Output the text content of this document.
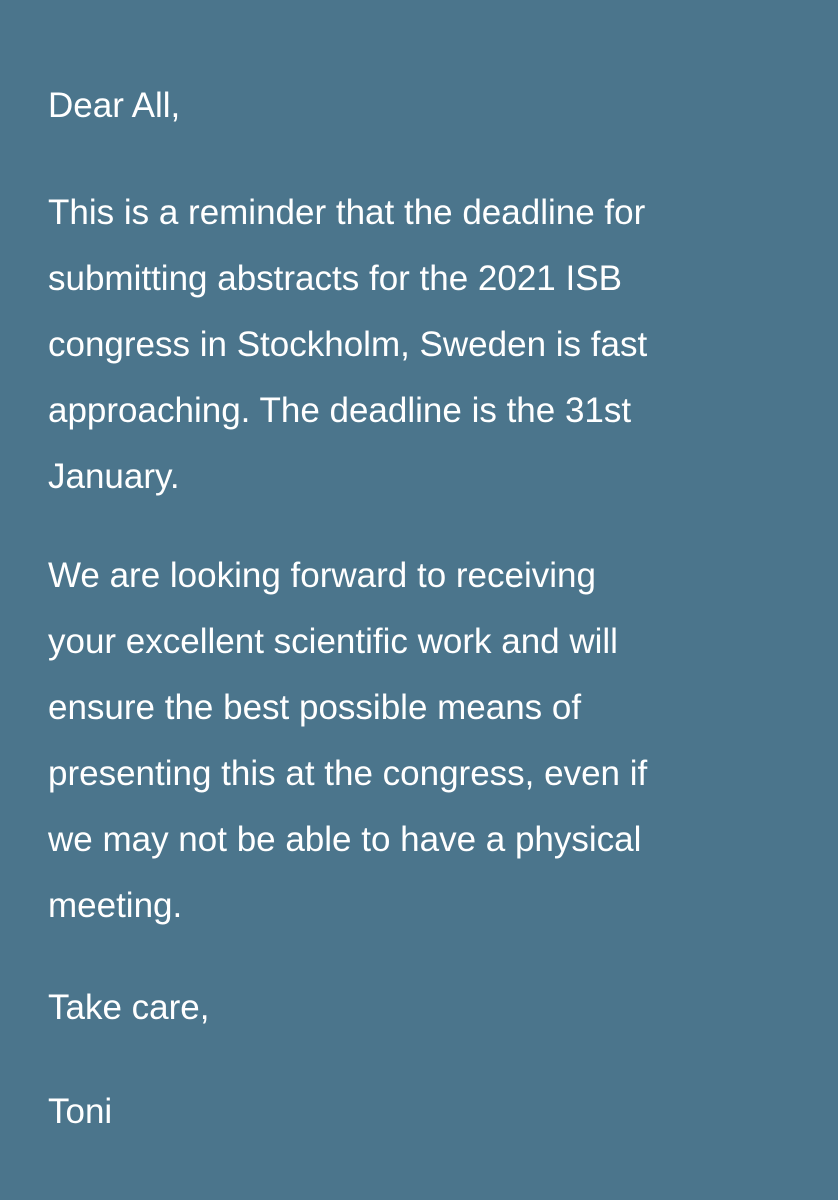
Dear All,

This is a reminder that the deadline for
submitting abstracts for the 2021 ISB
congress in Stockholm, Sweden is fast
approaching. The deadline is the 31st
January.

We are looking forward to receiving
your excellent scientific work and will
ensure the best possible means of
presenting this at the congress, even if
we may not be able to have a physical
meeting.

Take care,

Toni
